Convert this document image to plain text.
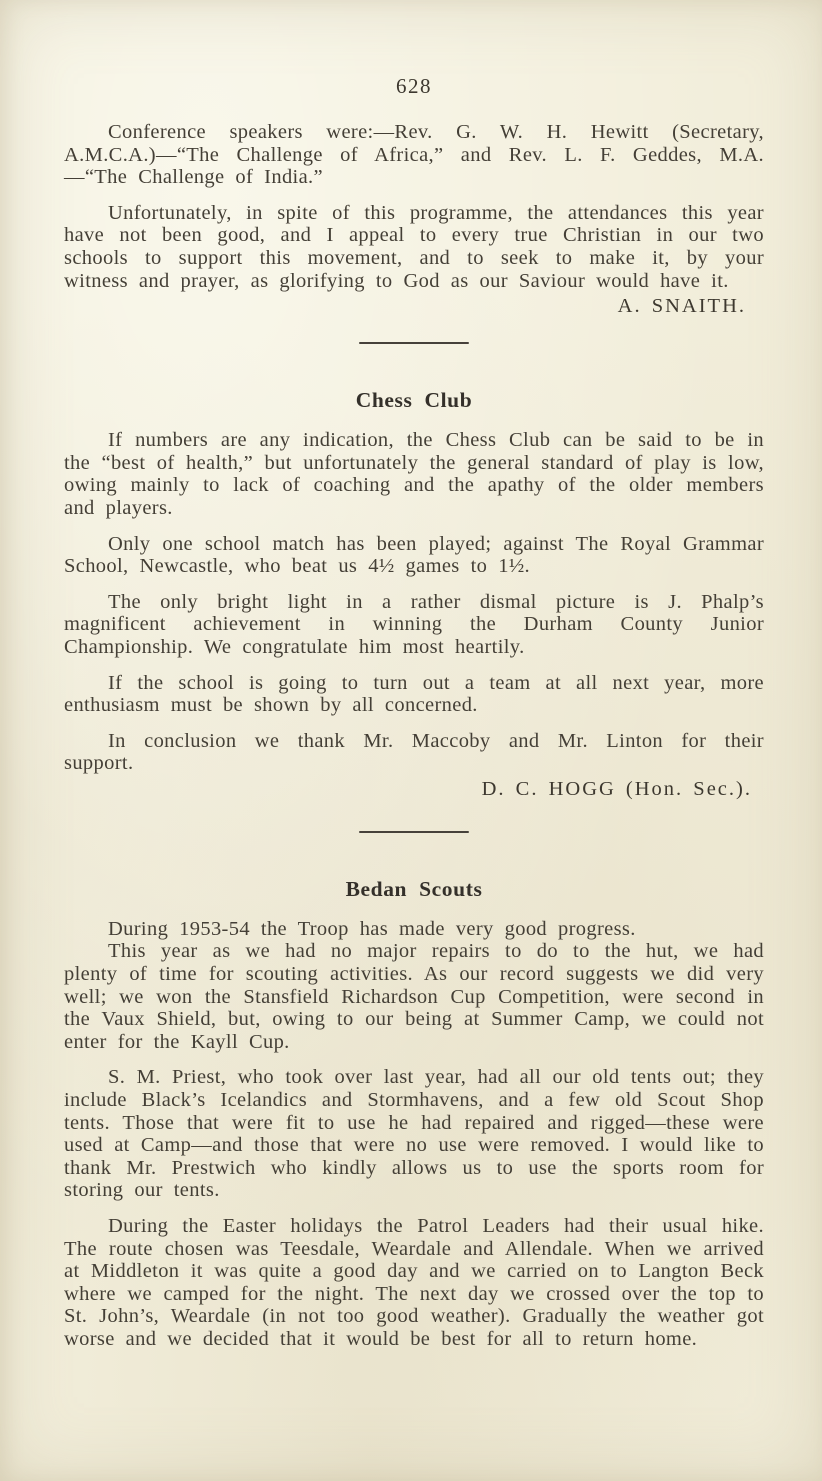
628

Conference speakers were:—Rev. G. W. H. Hewitt (Secretary, A.M.C.A.)—“The Challenge of Africa,” and Rev. L. F. Geddes, M.A.—“The Challenge of India.”

Unfortunately, in spite of this programme, the attendances this year have not been good, and I appeal to every true Christian in our two schools to support this movement, and to seek to make it, by your witness and prayer, as glorifying to God as our Saviour would have it.

A. SNAITH.

Chess Club

If numbers are any indication, the Chess Club can be said to be in the “best of health,” but unfortunately the general standard of play is low, owing mainly to lack of coaching and the apathy of the older members and players.

Only one school match has been played; against The Royal Grammar School, Newcastle, who beat us 4½ games to 1½.

The only bright light in a rather dismal picture is J. Phalp’s magnificent achievement in winning the Durham County Junior Championship. We congratulate him most heartily.

If the school is going to turn out a team at all next year, more enthusiasm must be shown by all concerned.

In conclusion we thank Mr. Maccoby and Mr. Linton for their support.

D. C. HOGG (Hon. Sec.).

Bedan Scouts

During 1953-54 the Troop has made very good progress.

This year as we had no major repairs to do to the hut, we had plenty of time for scouting activities. As our record suggests we did very well; we won the Stansfield Richardson Cup Competition, were second in the Vaux Shield, but, owing to our being at Summer Camp, we could not enter for the Kayll Cup.

S. M. Priest, who took over last year, had all our old tents out; they include Black’s Icelandics and Stormhavens, and a few old Scout Shop tents. Those that were fit to use he had repaired and rigged—these were used at Camp—and those that were no use were removed. I would like to thank Mr. Prestwich who kindly allows us to use the sports room for storing our tents.

During the Easter holidays the Patrol Leaders had their usual hike. The route chosen was Teesdale, Weardale and Allendale. When we arrived at Middleton it was quite a good day and we carried on to Langton Beck where we camped for the night. The next day we crossed over the top to St. John’s, Weardale (in not too good weather). Gradually the weather got worse and we decided that it would be best for all to return home.
